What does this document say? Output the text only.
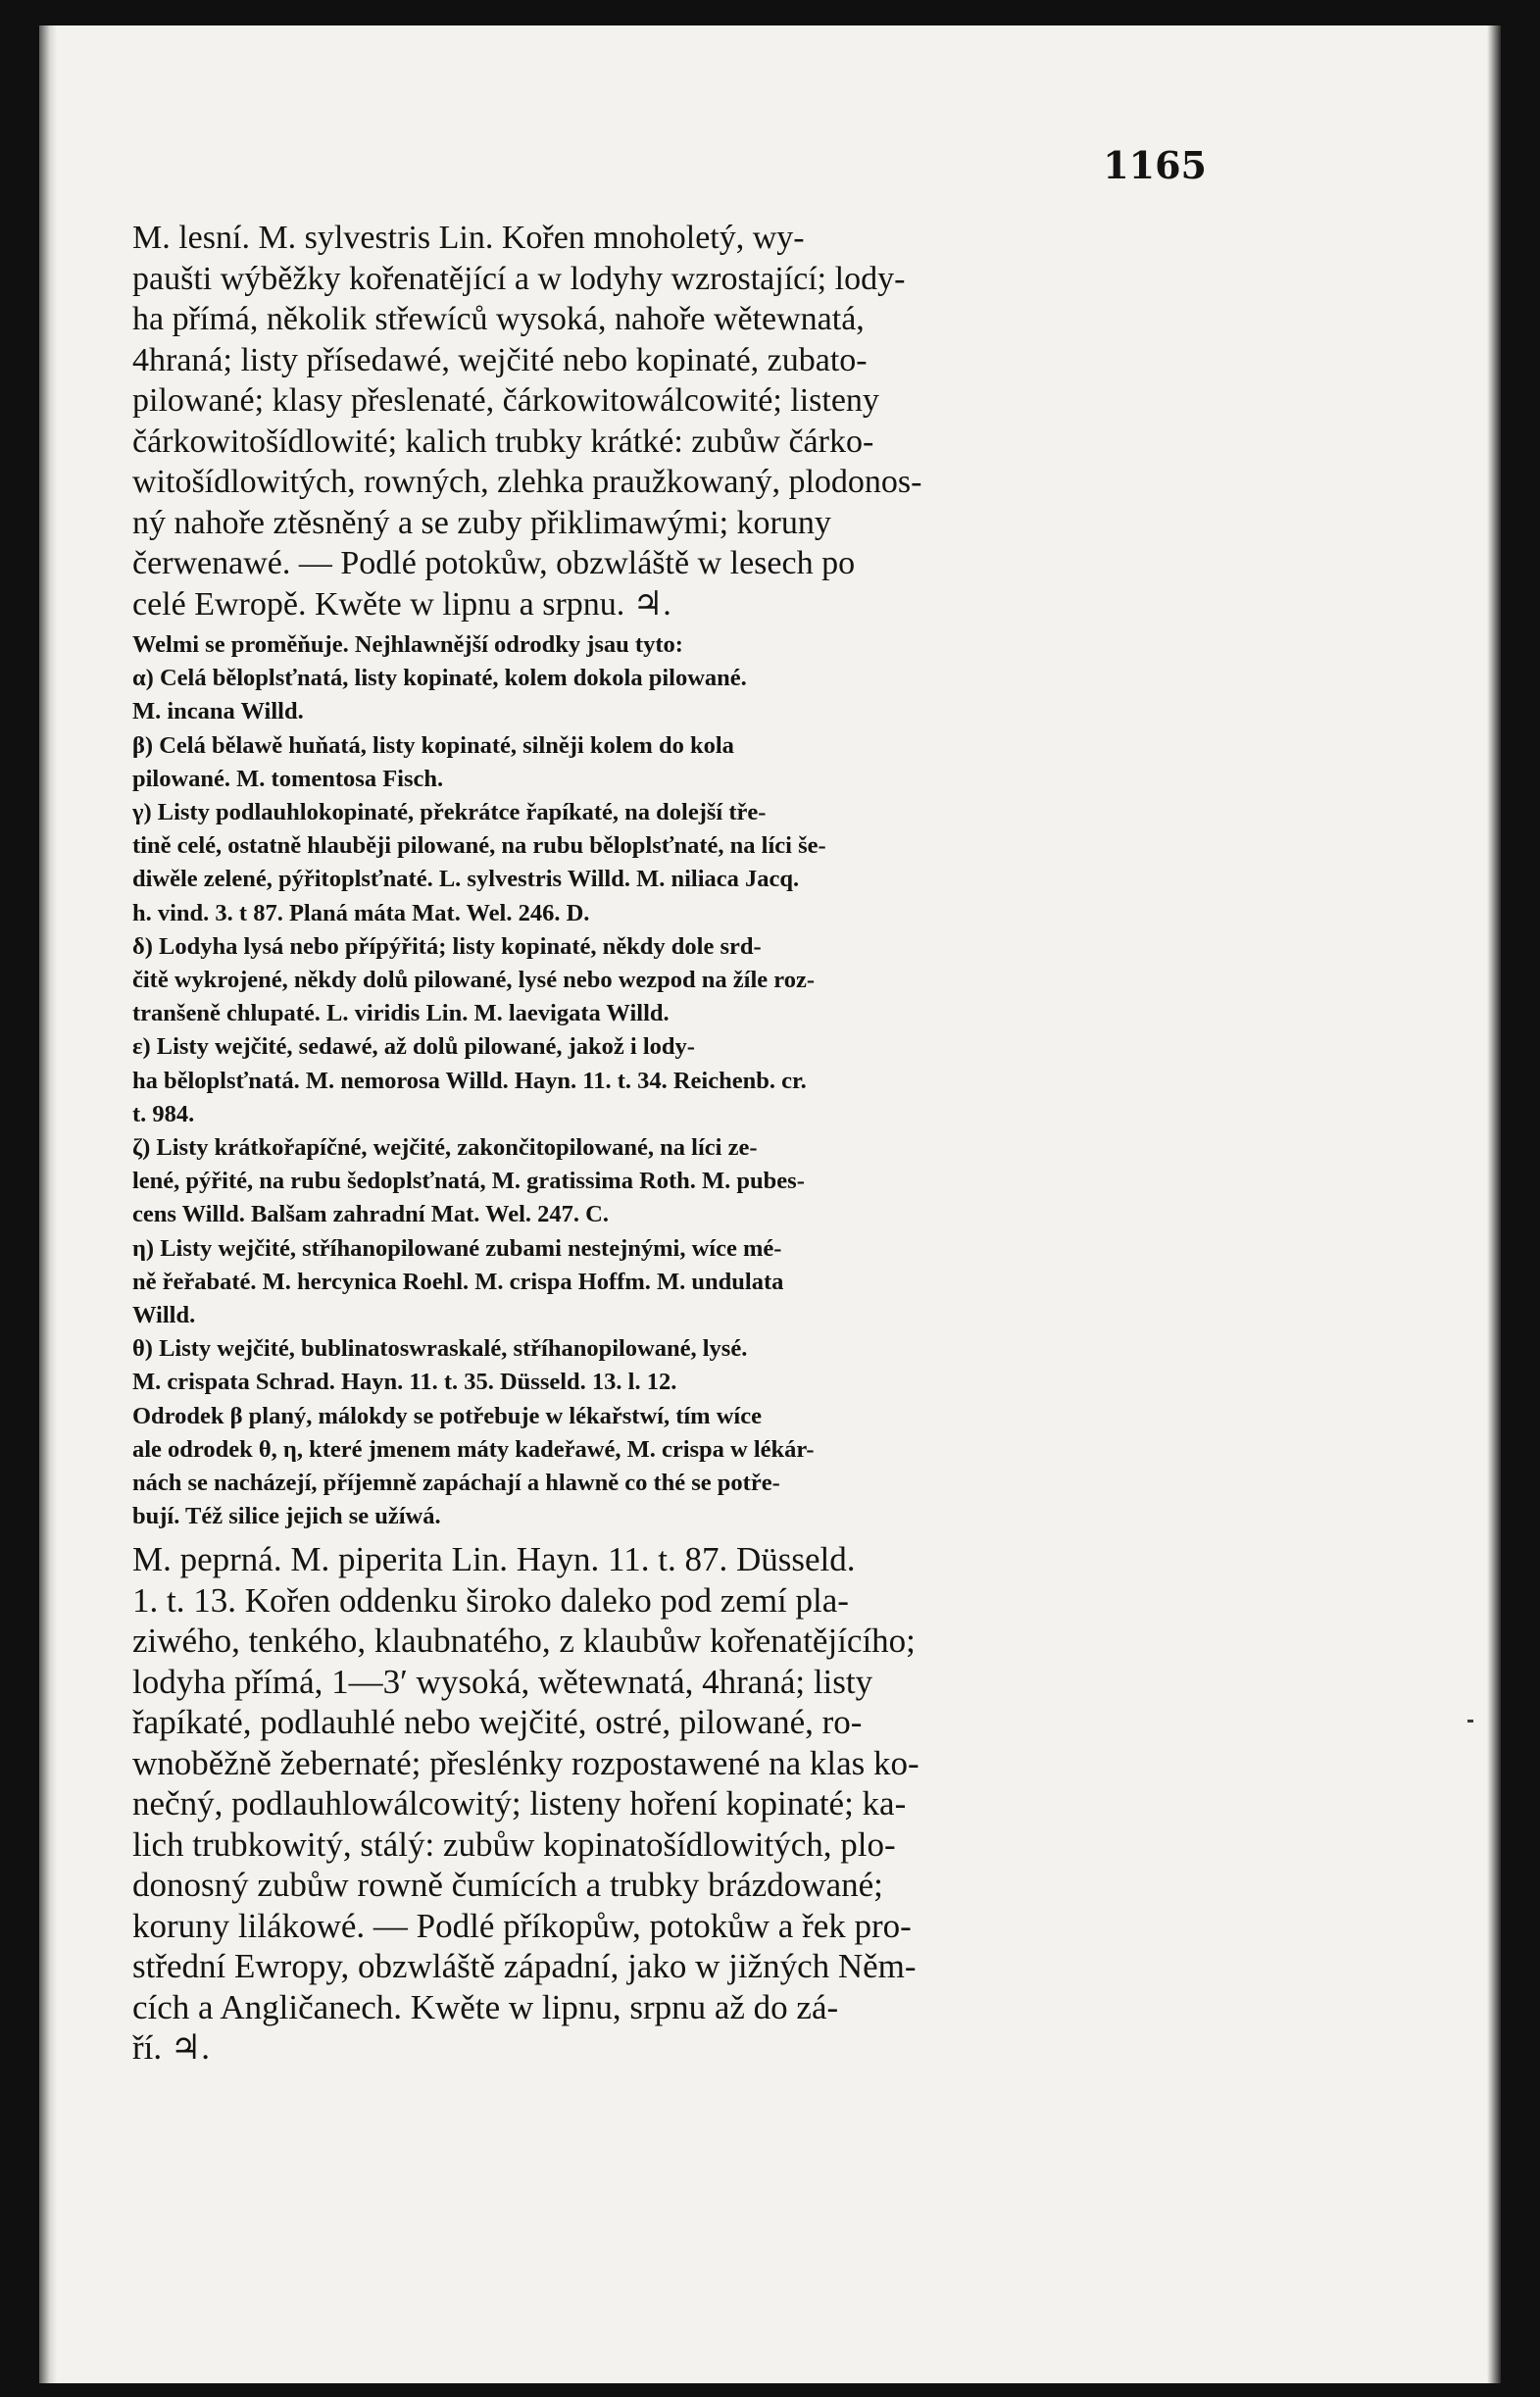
1165

M. lesní. M. sylvestris Lin. Kořen mnoholetý, wy-

paušti wýběžky kořenatějící a w lodyhy wzrostající; lody-

ha přímá, několik střewíců wysoká, nahoře wětewnatá,

4hraná; listy přísedawé, wejčité nebo kopinaté, zubato-

pilowané; klasy přeslenaté, čárkowitowálcowité; listeny

čárkowitošídlowité; kalich trubky krátké: zubůw čárko-

witošídlowitých, rowných, zlehka praužkowaný, plodonos-

ný nahoře ztěsněný a se zuby přiklimawými; koruny

čerwenawé. — Podlé potokůw, obzwláště w lesech po

celé Ewropě. Kwěte w lipnu a srpnu. ♃.

Welmi se proměňuje. Nejhlawnější odrodky jsau tyto:

α) Celá běloplsťnatá, listy kopinaté, kolem dokola pilowané.

M. incana Willd.

β) Celá bělawě huňatá, listy kopinaté, silněji kolem do kola

pilowané. M. tomentosa Fisch.

γ) Listy podlauhlokopinaté, překrátce řapíkaté, na dolejší tře-

tině celé, ostatně hlauběji pilowané, na rubu běloplsťnaté, na líci še-

diwěle zelené, pýřitoplsťnaté. L. sylvestris Willd. M. niliaca Jacq.

h. vind. 3. t 87. Planá máta Mat. Wel. 246. D.

δ) Lodyha lysá nebo přípýřitá; listy kopinaté, někdy dole srd-

čitě wykrojené, někdy dolů pilowané, lysé nebo wezpod na žíle roz-

tranšeně chlupaté. L. viridis Lin. M. laevigata Willd.

ε) Listy wejčité, sedawé, až dolů pilowané, jakož i lody-

ha běloplsťnatá. M. nemorosa Willd. Hayn. 11. t. 34. Reichenb. cr.

t. 984.

ζ) Listy krátkořapíčné, wejčité, zakončitopilowané, na líci ze-

lené, pýřité, na rubu šedoplsťnatá, M. gratissima Roth. M. pubes-

cens Willd. Balšam zahradní Mat. Wel. 247. C.

η) Listy wejčité, stříhanopilowané zubami nestejnými, wíce mé-

ně řeřabaté. M. hercynica Roehl. M. crispa Hoffm. M. undulata

Willd.

θ) Listy wejčité, bublinatoswraskalé, stříhanopilowané, lysé.

M. crispata Schrad. Hayn. 11. t. 35. Düsseld. 13. l. 12.

Odrodek β planý, málokdy se potřebuje w lékařstwí, tím wíce

ale odrodek θ, η, které jmenem máty kadeřawé, M. crispa w lékár-

nách se nacházejí, příjemně zapáchají a hlawně co thé se potře-

bují. Též silice jejich se užíwá.

M. peprná. M. piperita Lin. Hayn. 11. t. 87. Düsseld.

1. t. 13. Kořen oddenku široko daleko pod zemí pla-

ziwého, tenkého, klaubnatého, z klaubůw kořenatějícího;

lodyha přímá, 1—3′ wysoká, wětewnatá, 4hraná; listy

řapíkaté, podlauhlé nebo wejčité, ostré, pilowané, ro-

wnoběžně žebernaté; přeslénky rozpostawené na klas ko-

nečný, podlauhlowálcowitý; listeny hoření kopinaté; ka-

lich trubkowitý, stálý: zubůw kopinatošídlowitých, plo-

donosný zubůw rowně čumících a trubky brázdowané;

koruny lilákowé. — Podlé příkopůw, potokůw a řek pro-

střední Ewropy, obzwláště západní, jako w jižných Něm-

cích a Angličanech. Kwěte w lipnu, srpnu až do zá-

ří. ♃.
